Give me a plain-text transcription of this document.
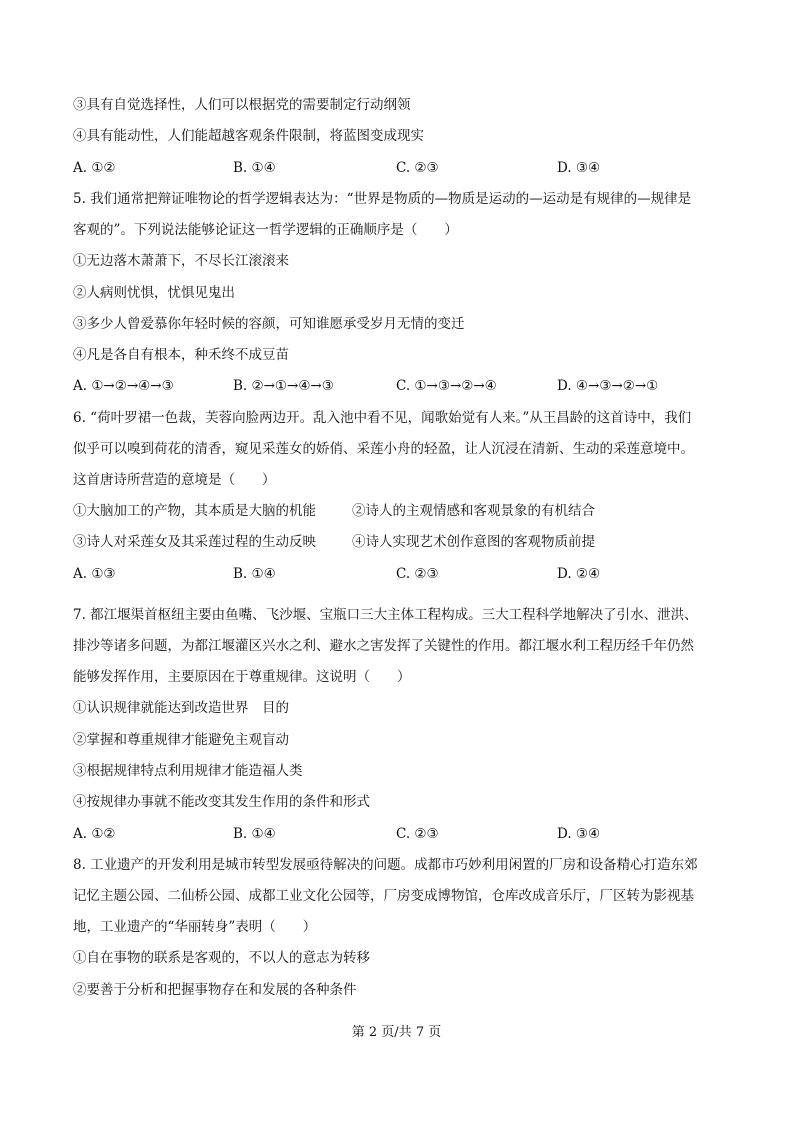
③具有自觉选择性，人们可以根据党的需要制定行动纲领
④具有能动性，人们能超越客观条件限制，将蓝图变成现实
A. ①②	B. ①④	C. ②③	D. ③④
5. 我们通常把辩证唯物论的哲学逻辑表达为：“世界是物质的—物质是运动的—运动是有规律的—规律是
客观的”。下列说法能够论证这一哲学逻辑的正确顺序是（　　）
①无边落木萧萧下，不尽长江滚滚来
②人病则忧惧，忧惧见鬼出
③多少人曾爱慕你年轻时候的容颜，可知谁愿承受岁月无情的变迁
④凡是各自有根本，种禾终不成豆苗
A. ①→②→④→③	B. ②→①→④→③	C. ①→③→②→④	D. ④→③→②→①
6. “荷叶罗裙一色裁，芙蓉向脸两边开。乱入池中看不见，闻歌始觉有人来。”从王昌龄的这首诗中，我们
似乎可以嗅到荷花的清香，窥见采莲女的娇俏、采莲小舟的轻盈，让人沉浸在清新、生动的采莲意境中。
这首唐诗所营造的意境是（　　）
①大脑加工的产物，其本质是大脑的机能	②诗人的主观情感和客观景象的有机结合
③诗人对采莲女及其采莲过程的生动反映	④诗人实现艺术创作意图的客观物质前提
A. ①③	B. ①④	C. ②③	D. ②④
7. 都江堰渠首枢纽主要由鱼嘴、飞沙堰、宝瓶口三大主体工程构成。三大工程科学地解决了引水、泄洪、
排沙等诸多问题，为都江堰灌区兴水之利、避水之害发挥了关键性的作用。都江堰水利工程历经千年仍然
能够发挥作用，主要原因在于尊重规律。这说明（　　）
①认识规律就能达到改造世界　目的
②掌握和尊重规律才能避免主观盲动
③根据规律特点利用规律才能造福人类
④按规律办事就不能改变其发生作用的条件和形式
A. ①②	B. ①④	C. ②③	D. ③④
8. 工业遗产的开发利用是城市转型发展亟待解决的问题。成都市巧妙利用闲置的厂房和设备精心打造东郊
记忆主题公园、二仙桥公园、成都工业文化公园等，厂房变成博物馆，仓库改成音乐厅，厂区转为影视基
地，工业遗产的“华丽转身”表明（　　）
①自在事物的联系是客观的，不以人的意志为转移
②要善于分析和把握事物存在和发展的各种条件
第 2 页/共 7 页
